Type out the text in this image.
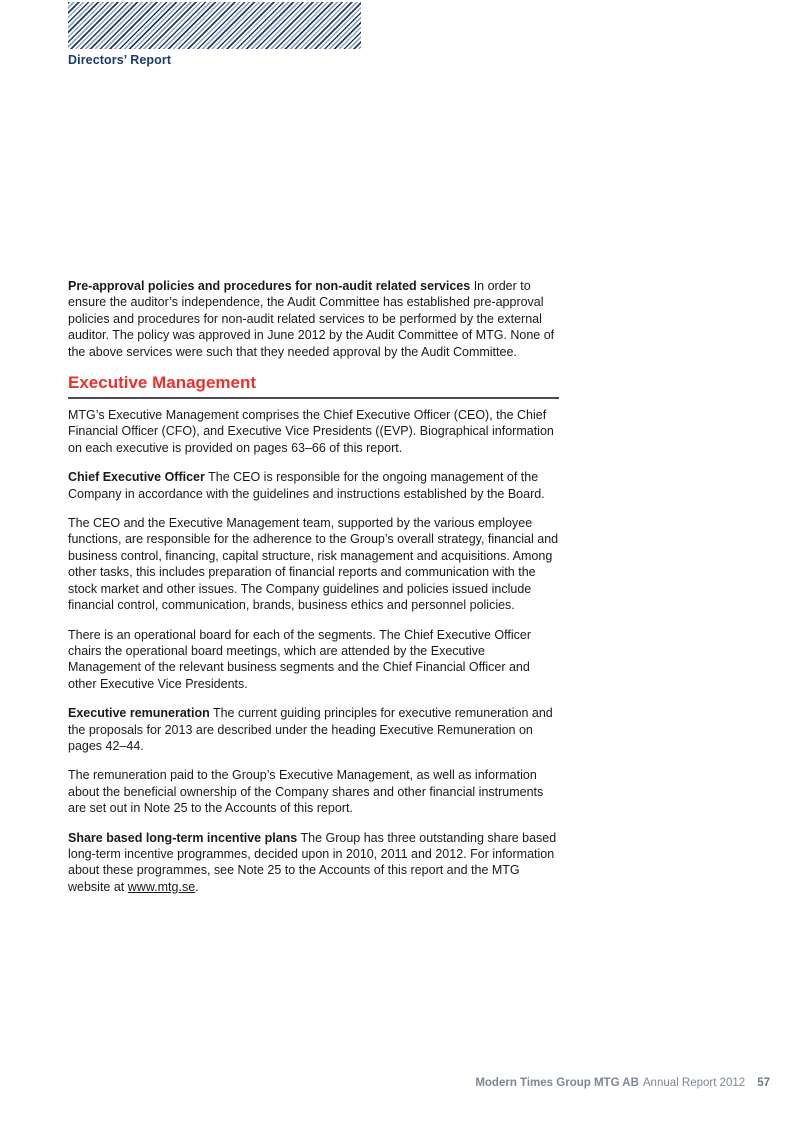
Directors’ Report

Pre-approval policies and procedures for non-audit related services In order to ensure the auditor’s independence, the Audit Committee has established pre-approval policies and procedures for non-audit related services to be performed by the external auditor. The policy was approved in June 2012 by the Audit Committee of MTG. None of the above services were such that they needed approval by the Audit Committee.

Executive Management

MTG’s Executive Management comprises the Chief Executive Officer (CEO), the Chief Financial Officer (CFO), and Executive Vice Presidents ((EVP). Biographical information on each executive is provided on pages 63–66 of this report.

Chief Executive Officer The CEO is responsible for the ongoing management of the Company in accordance with the guidelines and instructions established by the Board.

The CEO and the Executive Management team, supported by the various employee functions, are responsible for the adherence to the Group’s overall strategy, financial and business control, financing, capital structure, risk management and acquisitions. Among other tasks, this includes preparation of financial reports and communication with the stock market and other issues. The Company guidelines and policies issued include financial control, communication, brands, business ethics and personnel policies.

There is an operational board for each of the segments. The Chief Executive Officer chairs the operational board meetings, which are attended by the Executive Management of the relevant business segments and the Chief Financial Officer and other Executive Vice Presidents.

Executive remuneration The current guiding principles for executive remuneration and the proposals for 2013 are described under the heading Executive Remuneration on pages 42–44.

The remuneration paid to the Group’s Executive Management, as well as information about the beneficial ownership of the Company shares and other financial instruments are set out in Note 25 to the Accounts of this report.

Share based long-term incentive plans The Group has three outstanding share based long-term incentive programmes, decided upon in 2010, 2011 and 2012. For information about these programmes, see Note 25 to the Accounts of this report and the MTG website at www.mtg.se.

Modern Times Group MTG AB Annual Report 2012 57
